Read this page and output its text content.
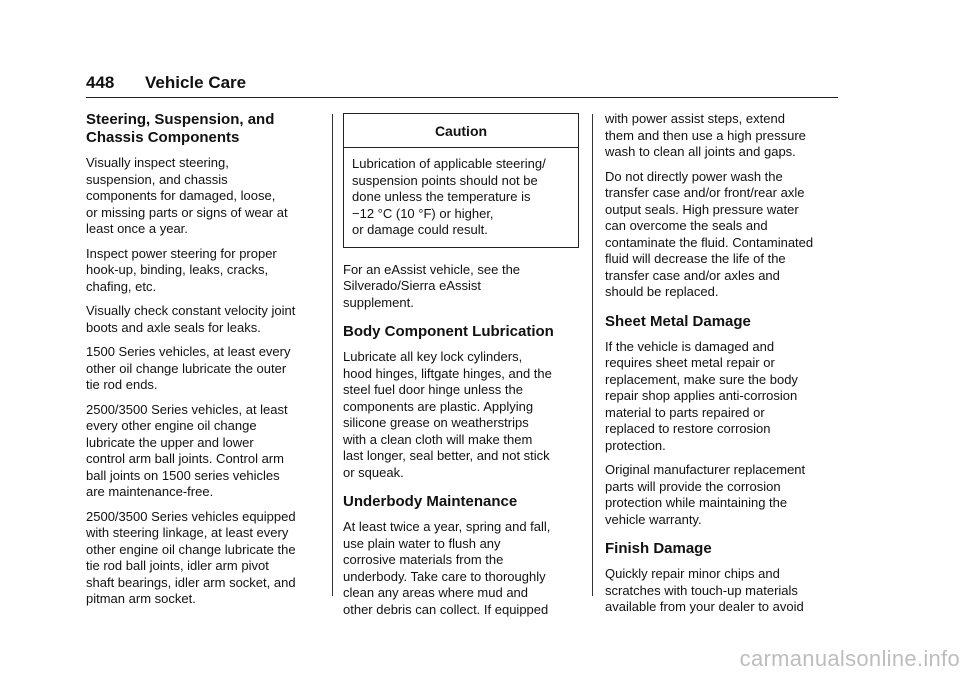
448 Vehicle Care
Steering, Suspension, and
Chassis Components

Visually inspect steering,
suspension, and chassis
components for damaged, loose,
or missing parts or signs of wear at
least once a year.

Inspect power steering for proper
hook-up, binding, leaks, cracks,
chafing, etc.

Visually check constant velocity joint
boots and axle seals for leaks.

1500 Series vehicles, at least every
other oil change lubricate the outer
tie rod ends.

2500/3500 Series vehicles, at least
every other engine oil change
lubricate the upper and lower
control arm ball joints. Control arm
ball joints on 1500 series vehicles
are maintenance-free.

2500/3500 Series vehicles equipped
with steering linkage, at least every
other engine oil change lubricate the
tie rod ball joints, idler arm pivot
shaft bearings, idler arm socket, and
pitman arm socket.

Caution
Lubrication of applicable steering/
suspension points should not be
done unless the temperature is
−12 °C (10 °F) or higher,
or damage could result.

For an eAssist vehicle, see the
Silverado/Sierra eAssist
supplement.

Body Component Lubrication

Lubricate all key lock cylinders,
hood hinges, liftgate hinges, and the
steel fuel door hinge unless the
components are plastic. Applying
silicone grease on weatherstrips
with a clean cloth will make them
last longer, seal better, and not stick
or squeak.

Underbody Maintenance

At least twice a year, spring and fall,
use plain water to flush any
corrosive materials from the
underbody. Take care to thoroughly
clean any areas where mud and
other debris can collect. If equipped

with power assist steps, extend
them and then use a high pressure
wash to clean all joints and gaps.

Do not directly power wash the
transfer case and/or front/rear axle
output seals. High pressure water
can overcome the seals and
contaminate the fluid. Contaminated
fluid will decrease the life of the
transfer case and/or axles and
should be replaced.

Sheet Metal Damage

If the vehicle is damaged and
requires sheet metal repair or
replacement, make sure the body
repair shop applies anti-corrosion
material to parts repaired or
replaced to restore corrosion
protection.

Original manufacturer replacement
parts will provide the corrosion
protection while maintaining the
vehicle warranty.

Finish Damage

Quickly repair minor chips and
scratches with touch-up materials
available from your dealer to avoid

carmanualsonline.info
